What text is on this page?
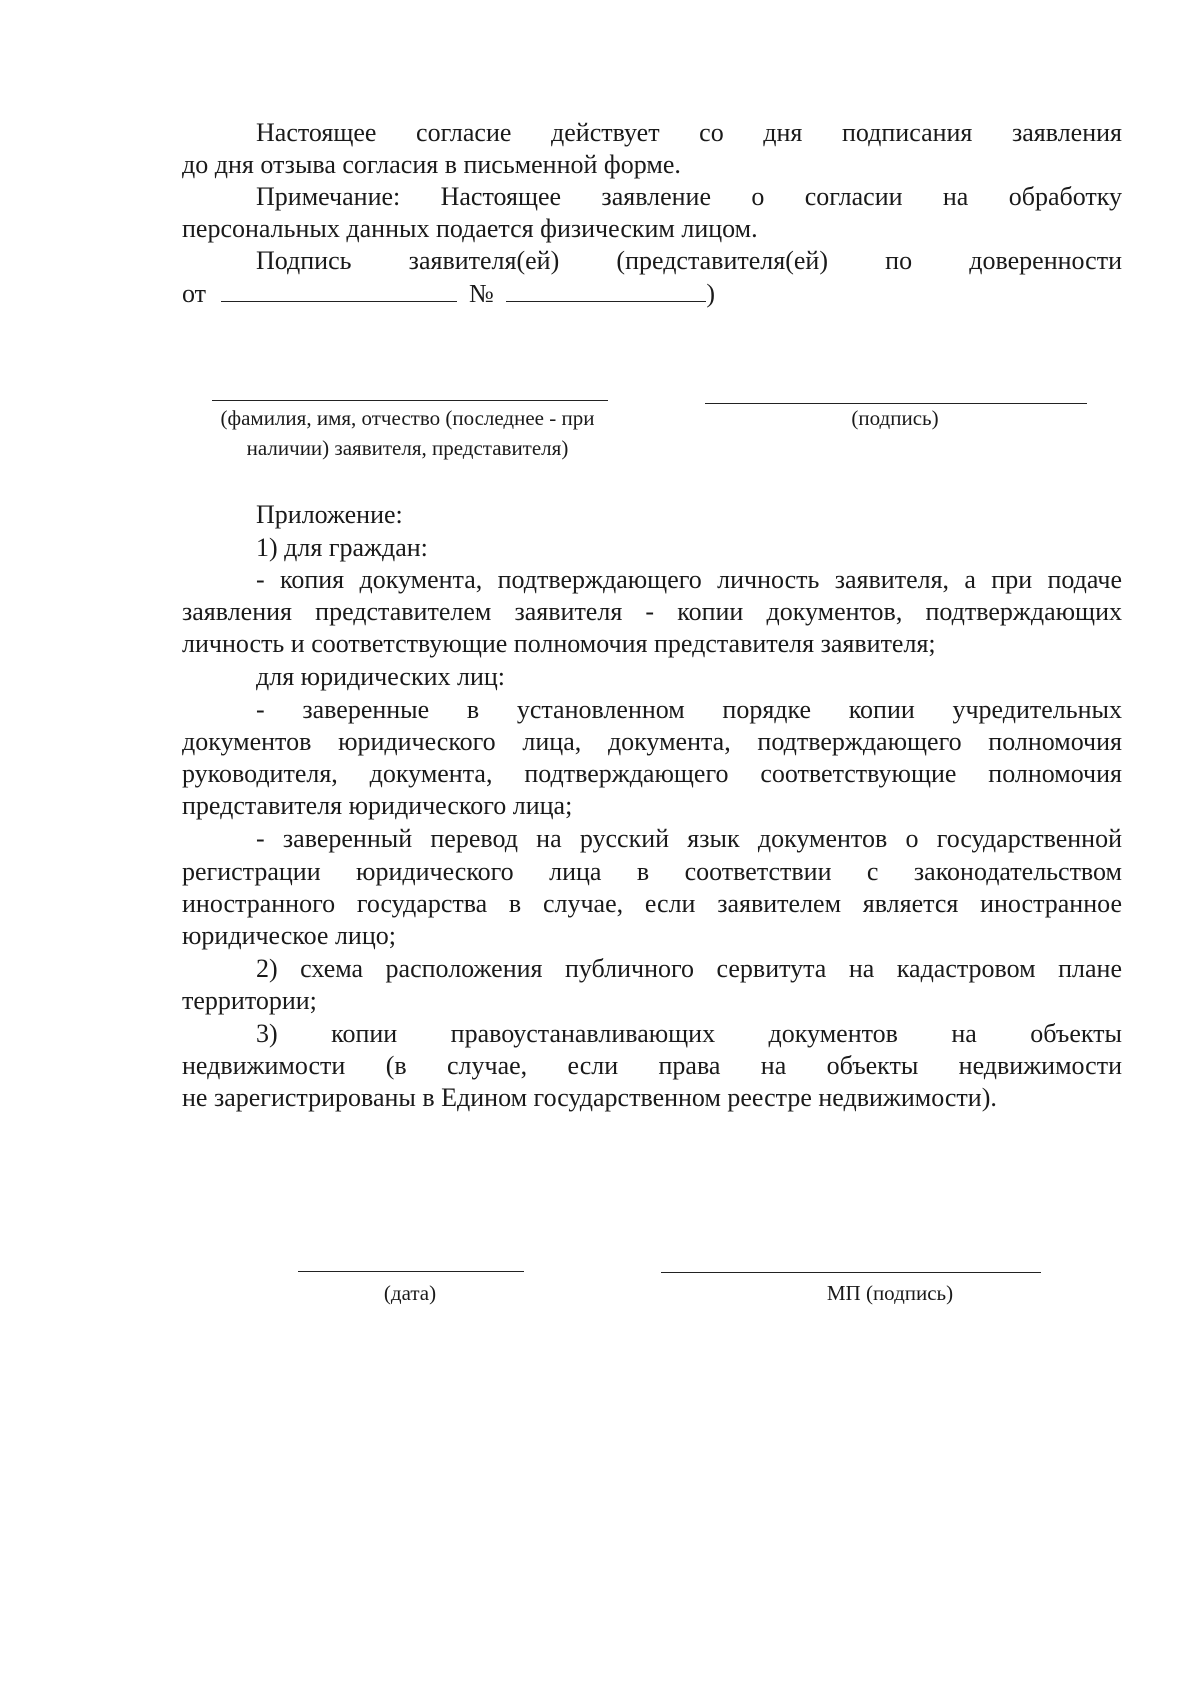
Настоящее согласие действует со дня подписания заявления
до дня отзыва согласия в письменной форме.
Примечание: Настоящее заявление о согласии на обработку
персональных данных подается физическим лицом.
Подпись заявителя(ей) (представителя(ей) по доверенности
от	№	)
(фамилия, имя, отчество (последнее - при
наличии) заявителя, представителя)
(подпись)
Приложение:
1) для граждан:
- копия документа, подтверждающего личность заявителя, а при подаче
заявления представителем заявителя - копии документов, подтверждающих
личность и соответствующие полномочия представителя заявителя;
для юридических лиц:
- заверенные в установленном порядке копии учредительных
документов юридического лица, документа, подтверждающего полномочия
руководителя, документа, подтверждающего соответствующие полномочия
представителя юридического лица;
- заверенный перевод на русский язык документов о государственной
регистрации юридического лица в соответствии с законодательством
иностранного государства в случае, если заявителем является иностранное
юридическое лицо;
2) схема расположения публичного сервитута на кадастровом плане
территории;
3) копии правоустанавливающих документов на объекты
недвижимости (в случае, если права на объекты недвижимости
не зарегистрированы в Едином государственном реестре недвижимости).
(дата)	МП (подпись)
